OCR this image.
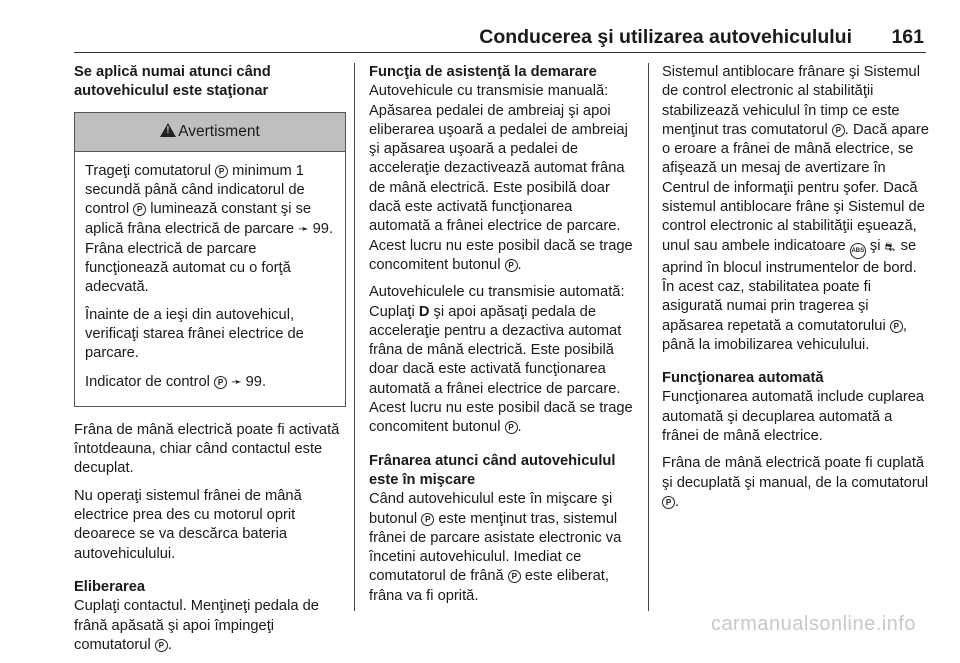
Conducerea şi utilizarea autovehiculului 161

Se aplică numai atunci când autovehiculul este staţionar

!Avertisment

Trageţi comutatorul P minimum 1 secundă până când indicatorul de control P luminează constant şi se aplică frâna electrică de parcare ➛ 99. Frâna electrică de parcare funcţionează automat cu o forţă adecvată.

Înainte de a ieşi din autovehicul, verificaţi starea frânei electrice de parcare.

Indicator de control P ➛ 99.

Frâna de mână electrică poate fi activată întotdeauna, chiar când contactul este decuplat.

Nu operaţi sistemul frânei de mână electrice prea des cu motorul oprit deoarece se va descărca bateria autovehiculului.

Eliberarea

Cuplaţi contactul. Menţineţi pedala de frână apăsată şi apoi împingeţi comutatorul P .

Funcţia de asistenţă la demarare

Autovehicule cu transmisie manuală: Apăsarea pedalei de ambreiaj şi apoi eliberarea uşoară a pedalei de ambreiaj şi apăsarea uşoară a pedalei de acceleraţie dezactivează automat frâna de mână electrică. Este posibilă doar dacă este activată funcţionarea automată a frânei electrice de parcare. Acest lucru nu este posibil dacă se trage concomitent butonul P .

Autovehiculele cu transmisie automată: Cuplaţi D şi apoi apăsaţi pedala de acceleraţie pentru a dezactiva automat frâna de mână electrică. Este posibilă doar dacă este activată funcţionarea automată a frânei electrice de parcare. Acest lucru nu este posibil dacă se trage concomitent butonul P .

Frânarea atunci când autovehiculul este în mişcare

Când autovehiculul este în mişcare şi butonul P este menţinut tras, sistemul frânei de parcare asistate electronic va încetini autovehiculul. Imediat ce comutatorul de frână P este eliberat, frâna va fi oprită.

Sistemul antiblocare frânare şi Sistemul de control electronic al stabilităţii stabilizează vehiculul în timp ce este menţinut tras comutatorul P . Dacă apare o eroare a frânei de mână electrice, se afişează un mesaj de avertizare în Centrul de informaţii pentru şofer. Dacă sistemul antiblocare frâne şi Sistemul de control electronic al stabilităţii eşuează, unul sau ambele indicatoare ABS şi ⛐ se aprind în blocul instrumentelor de bord. În acest caz, stabilitatea poate fi asigurată numai prin tragerea şi apăsarea repetată a comutatorului P , până la imobilizarea vehiculului.

Funcţionarea automată

Funcţionarea automată include cuplarea automată şi decuplarea automată a frânei de mână electrice.

Frâna de mână electrică poate fi cuplată şi decuplată şi manual, de la comutatorul P .

carmanualsonline.info
